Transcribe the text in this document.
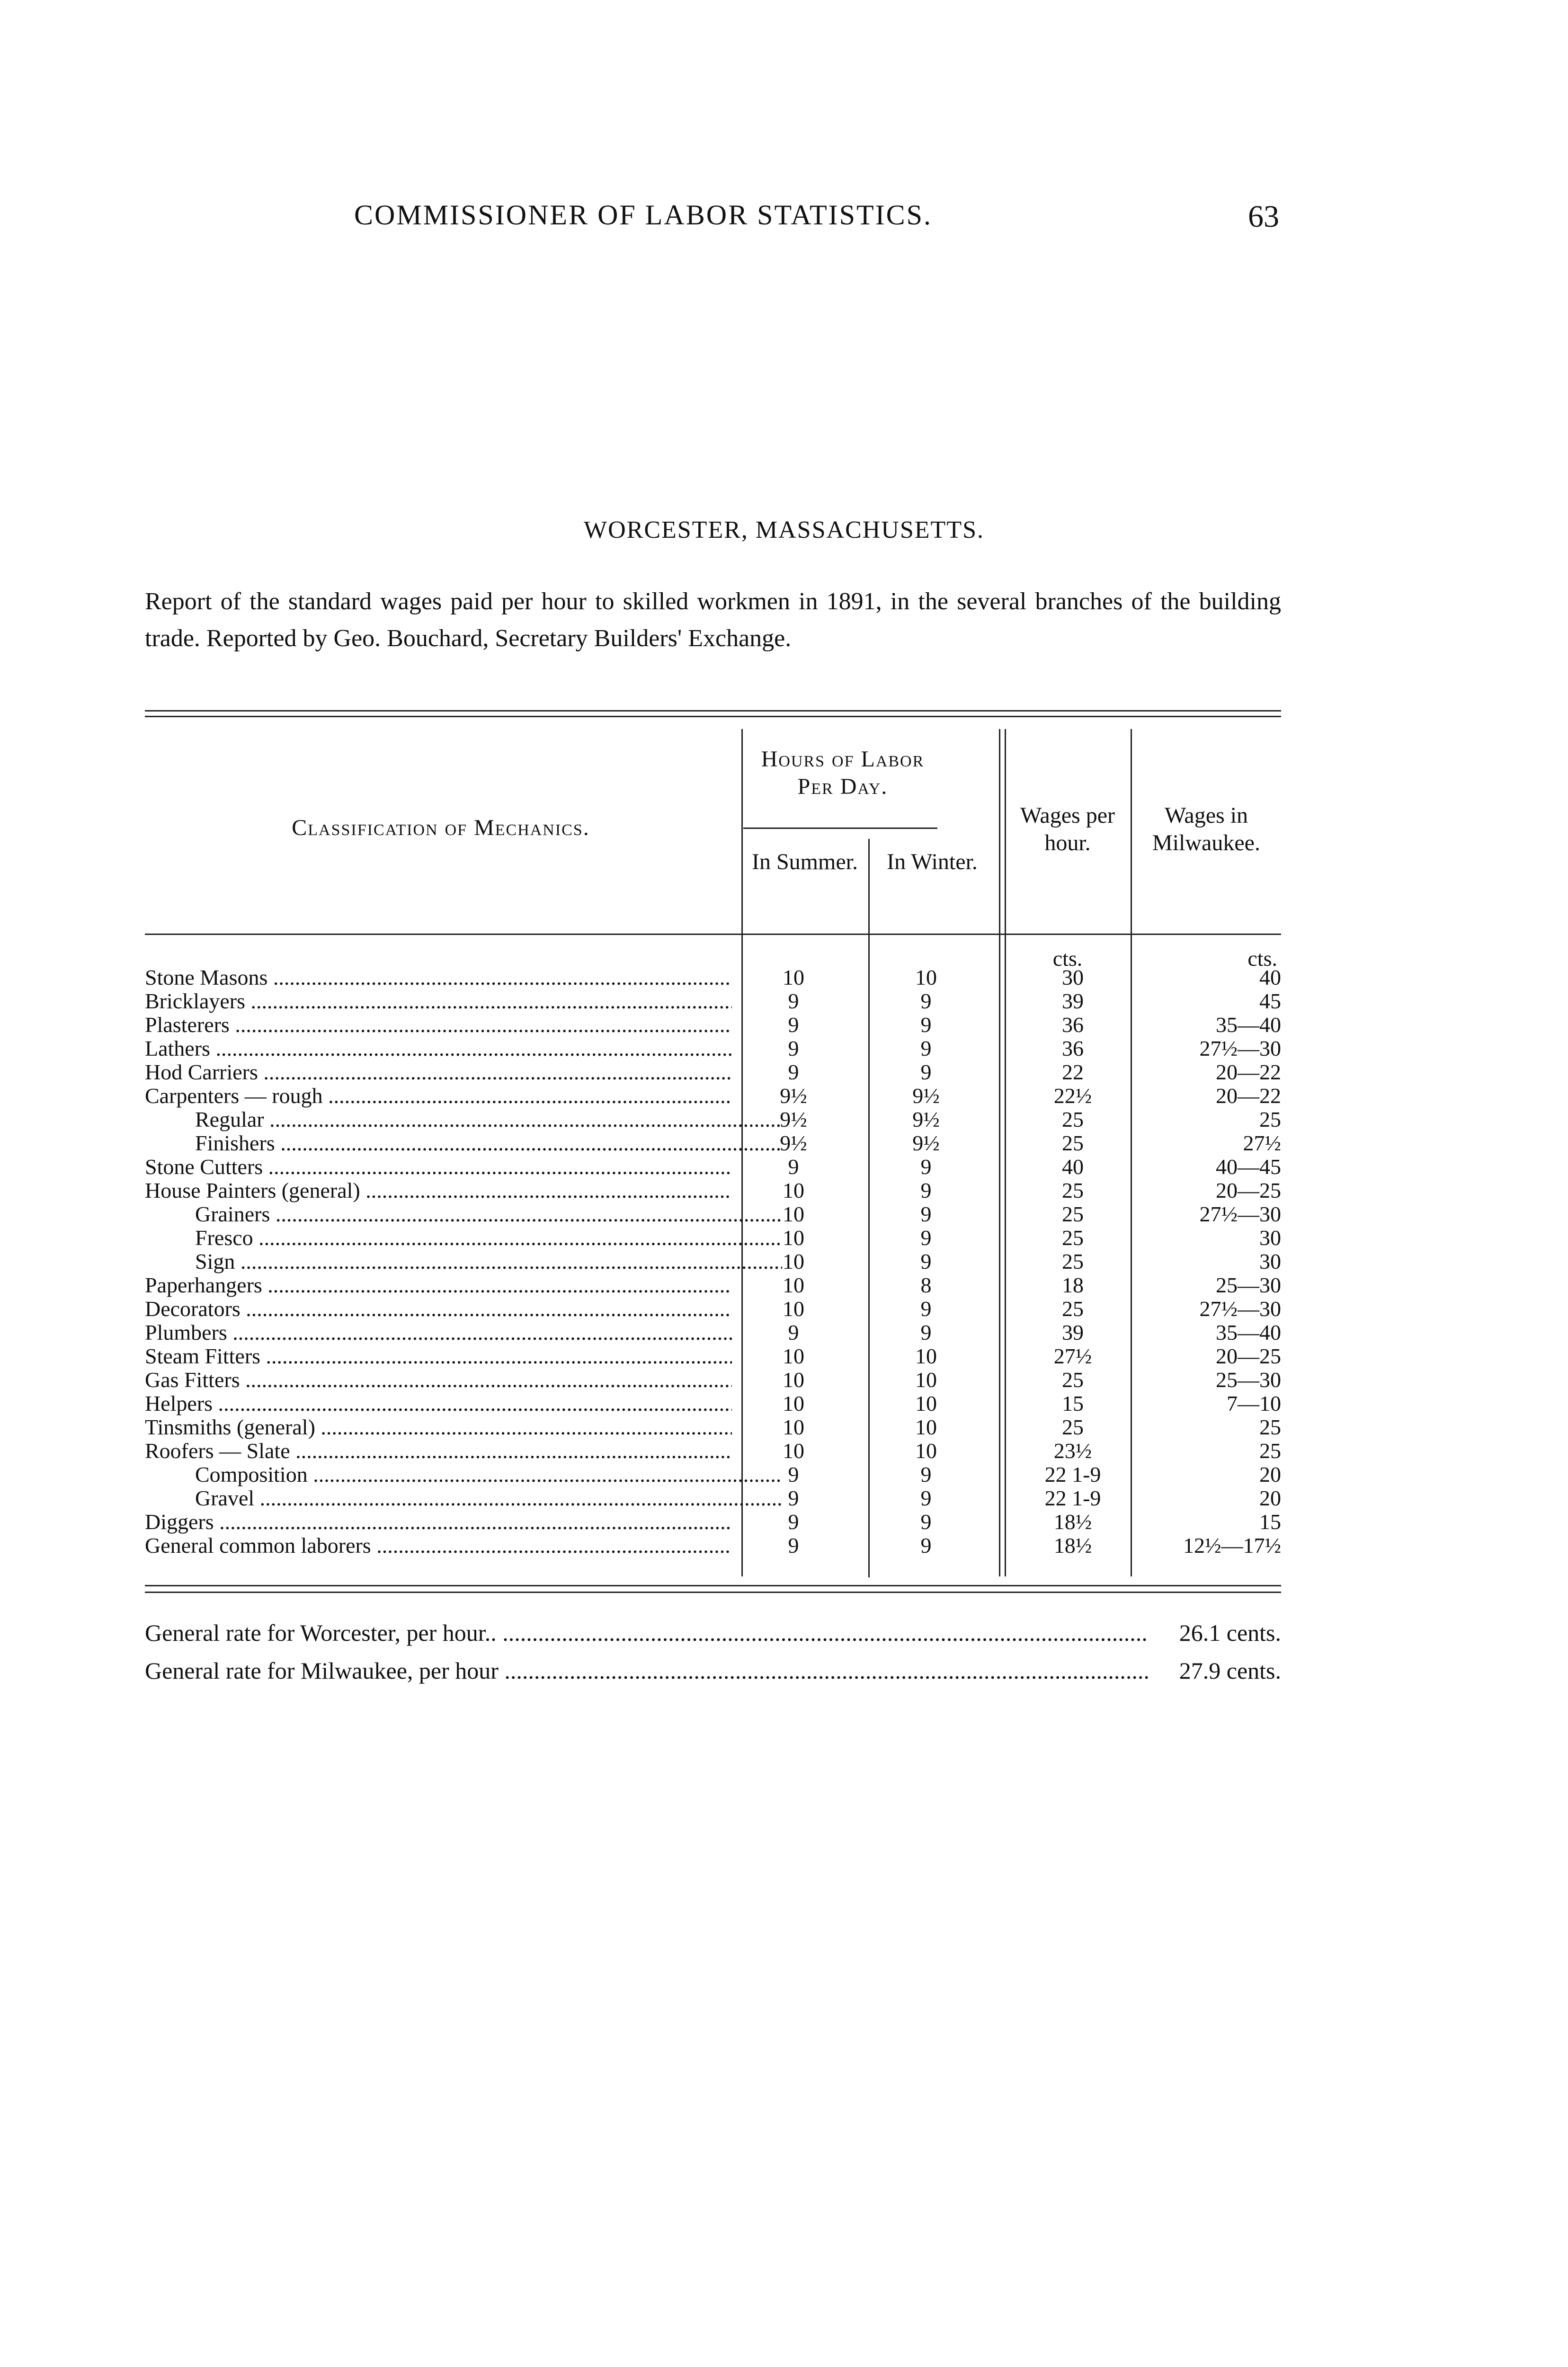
COMMISSIONER OF LABOR STATISTICS.	63
WORCESTER, MASSACHUSETTS.
Report of the standard wages paid per hour to skilled workmen in 1891, in the several branches of the building trade. Reported by Geo. Bouchard, Secretary Builders' Exchange.
Classification of Mechanics.
Hours of Labor Per Day.
In Summer.	In Winter.
Wages per hour.
Wages in Milwaukee.
cts.	cts.
Stone Masons .....	10	10	30	40
Bricklayers .....	9	9	39	45
Plasterers .....	9	9	36	35—40
Lathers .....	9	9	36	27½—30
Hod Carriers .....	9	9	22	20—22
Carpenters — rough .....	9½	9½	22½	20—22
Regular .....	9½	9½	25	25
Finishers .....	9½	9½	25	27½
Stone Cutters .....	9	9	40	40—45
House Painters (general) .....	10	9	25	20—25
Grainers .....	10	9	25	27½—30
Fresco .....	10	9	25	30
Sign .....	10	9	25	30
Paperhangers .....	10	8	18	25—30
Decorators .....	10	9	25	27½—30
Plumbers .....	9	9	39	35—40
Steam Fitters .....	10	10	27½	20—25
Gas Fitters .....	10	10	25	25—30
Helpers .....	10	10	15	7—10
Tinsmiths (general) .....	10	10	25	25
Roofers — Slate .....	10	10	23½	25
Composition .....	9	9	22 1-9	20
Gravel .....	9	9	22 1-9	20
Diggers .....	9	9	18½	15
General common laborers .....	9	9	18½	12½—17½
General rate for Worcester, per hour.. .....	26.1 cents.
General rate for Milwaukee, per hour .....	27.9 cents.
